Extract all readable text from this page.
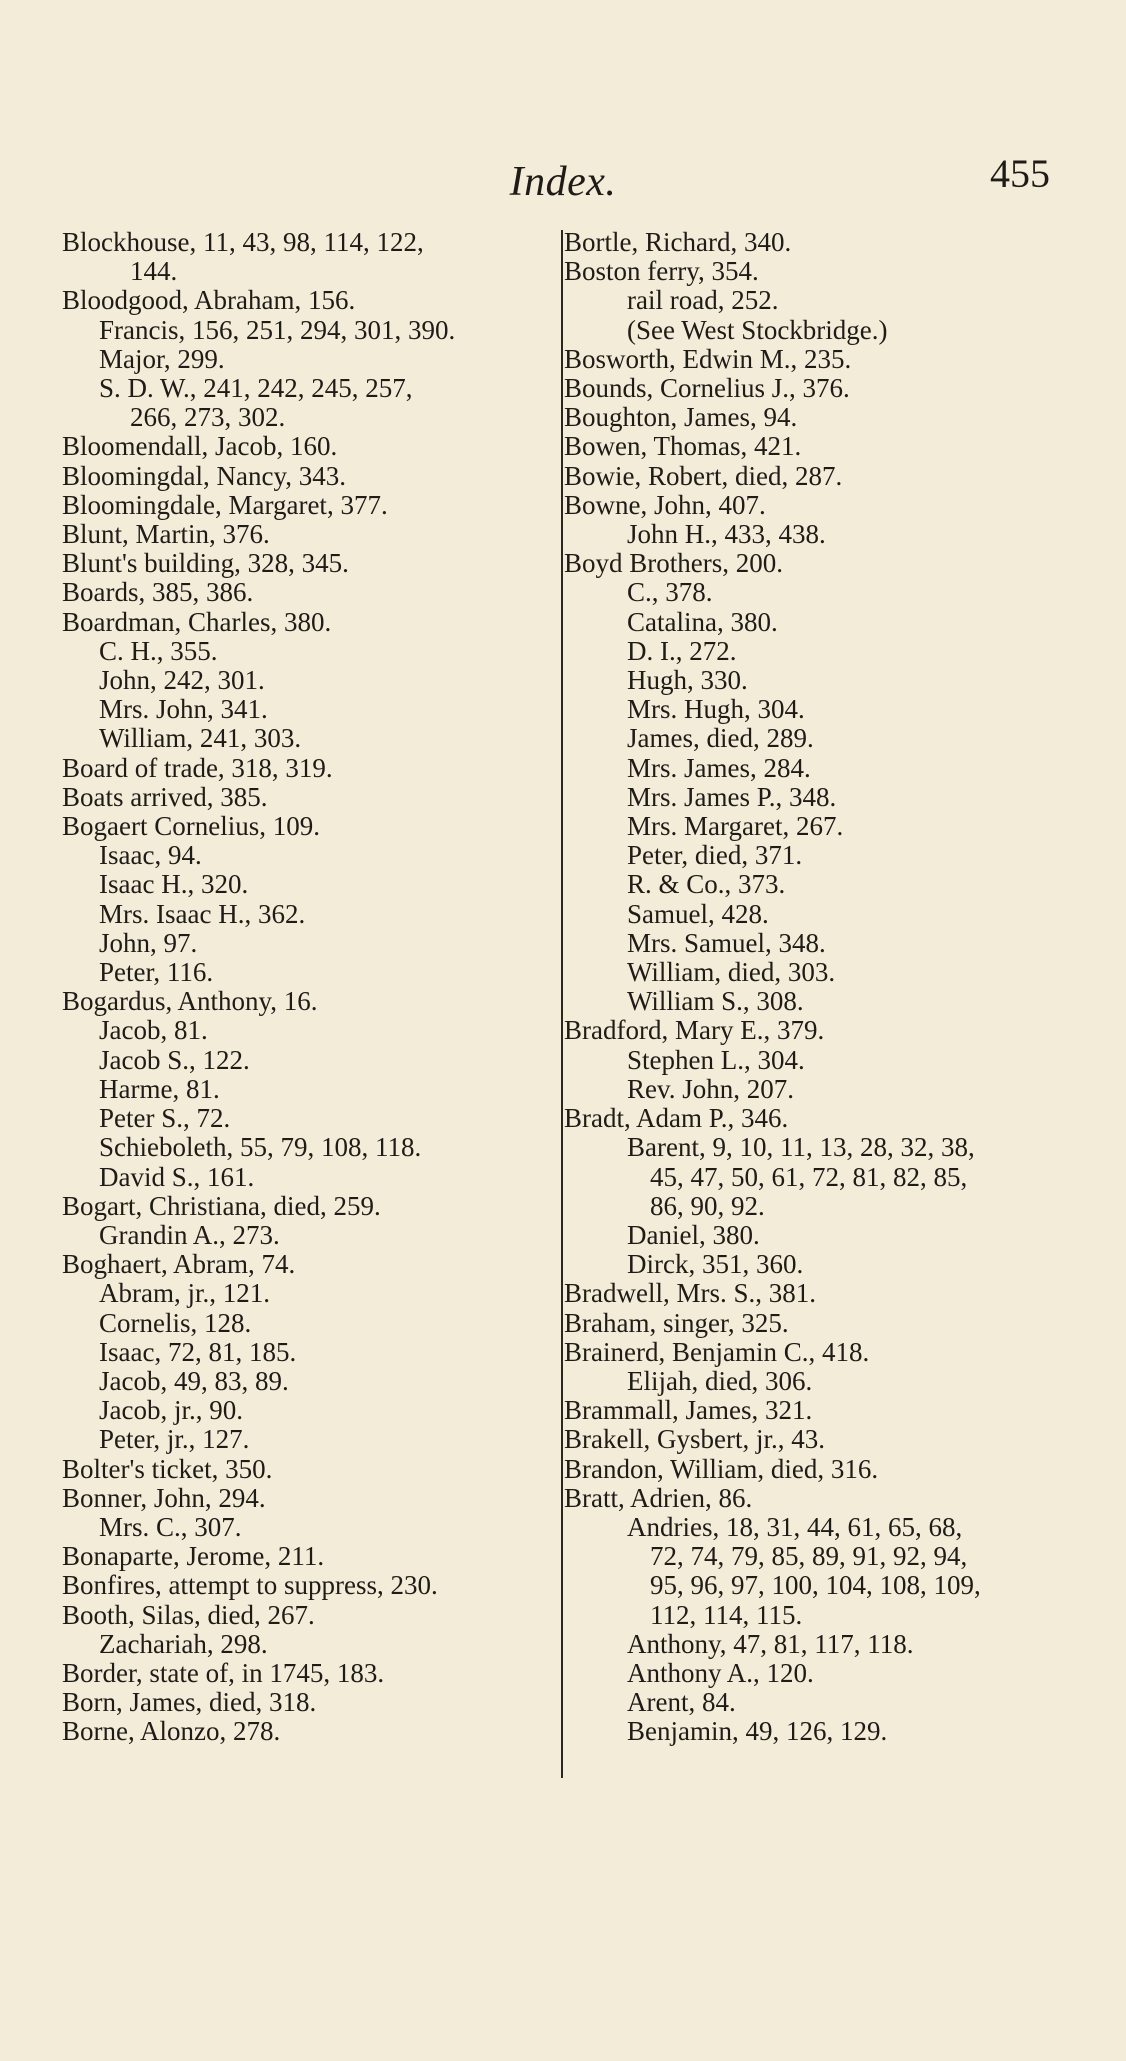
Index.	455
Blockhouse, 11, 43, 98, 114, 122,
144.
Bloodgood, Abraham, 156.
Francis, 156, 251, 294, 301, 390.
Major, 299.
S. D. W., 241, 242, 245, 257,
266, 273, 302.
Bloomendall, Jacob, 160.
Bloomingdal, Nancy, 343.
Bloomingdale, Margaret, 377.
Blunt, Martin, 376.
Blunt's building, 328, 345.
Boards, 385, 386.
Boardman, Charles, 380.
C. H., 355.
John, 242, 301.
Mrs. John, 341.
William, 241, 303.
Board of trade, 318, 319.
Boats arrived, 385.
Bogaert Cornelius, 109.
Isaac, 94.
Isaac H., 320.
Mrs. Isaac H., 362.
John, 97.
Peter, 116.
Bogardus, Anthony, 16.
Jacob, 81.
Jacob S., 122.
Harme, 81.
Peter S., 72.
Schieboleth, 55, 79, 108, 118.
David S., 161.
Bogart, Christiana, died, 259.
Grandin A., 273.
Boghaert, Abram, 74.
Abram, jr., 121.
Cornelis, 128.
Isaac, 72, 81, 185.
Jacob, 49, 83, 89.
Jacob, jr., 90.
Peter, jr., 127.
Bolter's ticket, 350.
Bonner, John, 294.
Mrs. C., 307.
Bonaparte, Jerome, 211.
Bonfires, attempt to suppress, 230.
Booth, Silas, died, 267.
Zachariah, 298.
Border, state of, in 1745, 183.
Born, James, died, 318.
Borne, Alonzo, 278.
Bortle, Richard, 340.
Boston ferry, 354.
rail road, 252.
(See West Stockbridge.)
Bosworth, Edwin M., 235.
Bounds, Cornelius J., 376.
Boughton, James, 94.
Bowen, Thomas, 421.
Bowie, Robert, died, 287.
Bowne, John, 407.
John H., 433, 438.
Boyd Brothers, 200.
C., 378.
Catalina, 380.
D. I., 272.
Hugh, 330.
Mrs. Hugh, 304.
James, died, 289.
Mrs. James, 284.
Mrs. James P., 348.
Mrs. Margaret, 267.
Peter, died, 371.
R. & Co., 373.
Samuel, 428.
Mrs. Samuel, 348.
William, died, 303.
William S., 308.
Bradford, Mary E., 379.
Stephen L., 304.
Rev. John, 207.
Bradt, Adam P., 346.
Barent, 9, 10, 11, 13, 28, 32, 38,
45, 47, 50, 61, 72, 81, 82, 85,
86, 90, 92.
Daniel, 380.
Dirck, 351, 360.
Bradwell, Mrs. S., 381.
Braham, singer, 325.
Brainerd, Benjamin C., 418.
Elijah, died, 306.
Brammall, James, 321.
Brakell, Gysbert, jr., 43.
Brandon, William, died, 316.
Bratt, Adrien, 86.
Andries, 18, 31, 44, 61, 65, 68,
72, 74, 79, 85, 89, 91, 92, 94,
95, 96, 97, 100, 104, 108, 109,
112, 114, 115.
Anthony, 47, 81, 117, 118.
Anthony A., 120.
Arent, 84.
Benjamin, 49, 126, 129.
